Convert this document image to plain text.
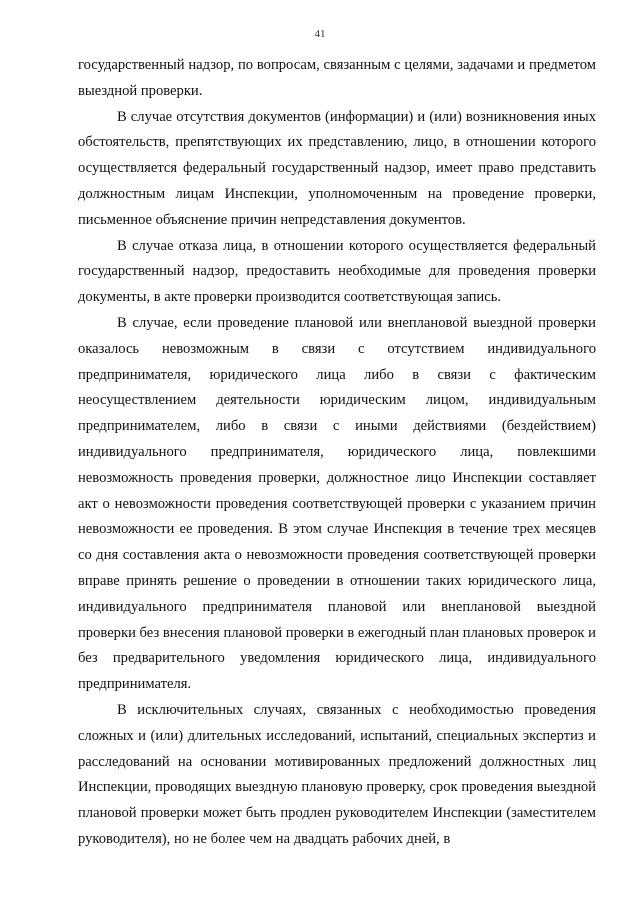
41

государственный надзор, по вопросам, связанным с целями, задачами и предметом выездной проверки.

В случае отсутствия документов (информации) и (или) возникновения иных обстоятельств, препятствующих их представлению, лицо, в отношении которого осуществляется федеральный государственный надзор, имеет право представить должностным лицам Инспекции, уполномоченным на проведение проверки, письменное объяснение причин непредставления документов.

В случае отказа лица, в отношении которого осуществляется федеральный государственный надзор, предоставить необходимые для проведения проверки документы, в акте проверки производится соответствующая запись.

В случае, если проведение плановой или внеплановой выездной проверки оказалось невозможным в связи с отсутствием индивидуального предпринимателя, юридического лица либо в связи с фактическим неосуществлением деятельности юридическим лицом, индивидуальным предпринимателем, либо в связи с иными действиями (бездействием) индивидуального предпринимателя, юридического лица, повлекшими невозможность проведения проверки, должностное лицо Инспекции составляет акт о невозможности проведения соответствующей проверки с указанием причин невозможности ее проведения. В этом случае Инспекция в течение трех месяцев со дня составления акта о невозможности проведения соответствующей проверки вправе принять решение о проведении в отношении таких юридического лица, индивидуального предпринимателя плановой или внеплановой выездной проверки без внесения плановой проверки в ежегодный план плановых проверок и без предварительного уведомления юридического лица, индивидуального предпринимателя.

В исключительных случаях, связанных с необходимостью проведения сложных и (или) длительных исследований, испытаний, специальных экспертиз и расследований на основании мотивированных предложений должностных лиц Инспекции, проводящих выездную плановую проверку, срок проведения выездной плановой проверки может быть продлен руководителем Инспекции (заместителем руководителя), но не более чем на двадцать рабочих дней, в
